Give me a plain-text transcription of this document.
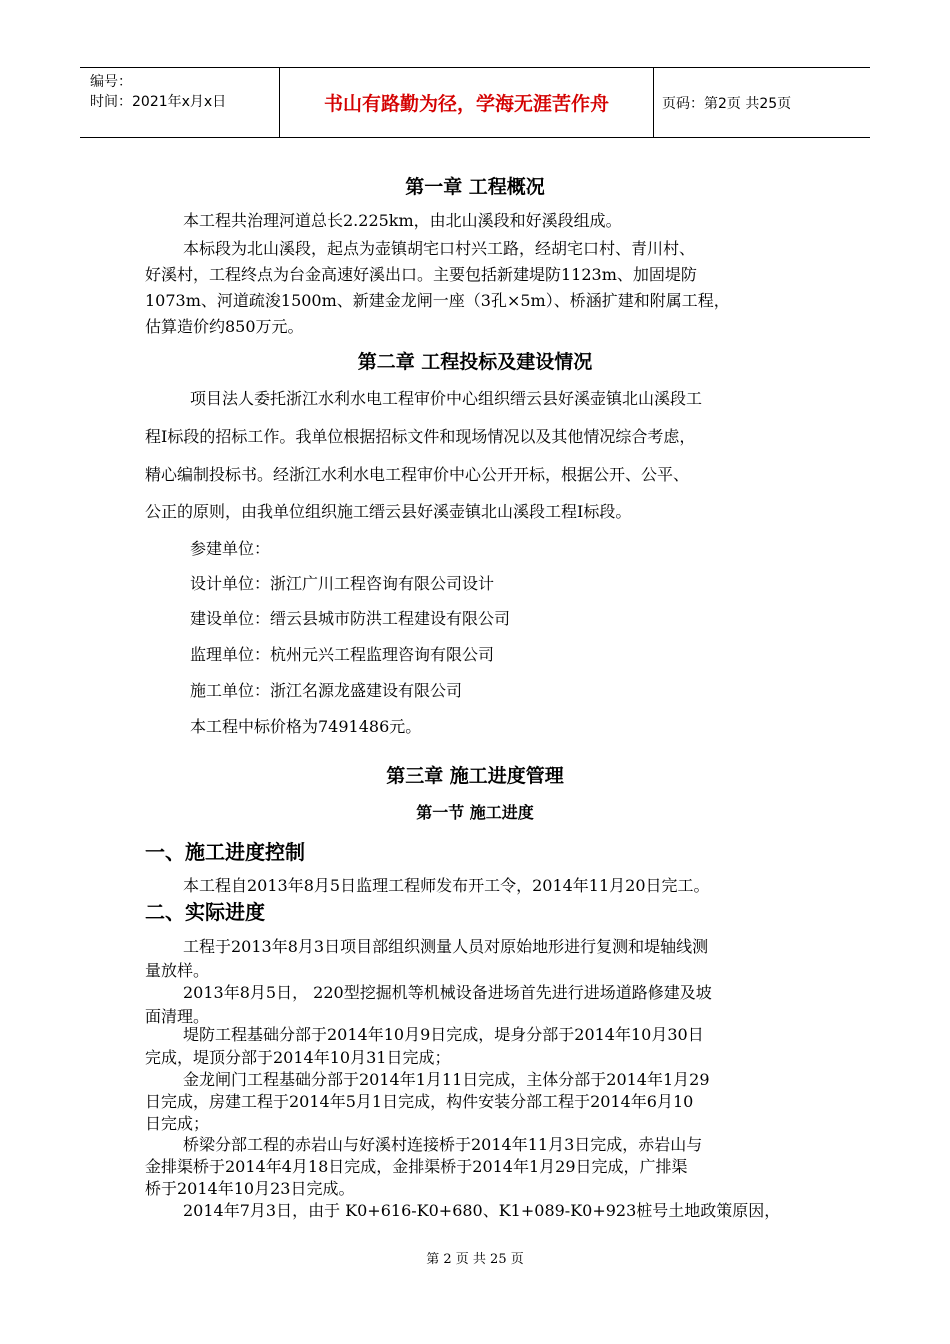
编号：
时间：2021年x月x日	书山有路勤为径，学海无涯苦作舟	页码：第2页 共25页
第一章 工程概况
本工程共治理河道总长2.225km，由北山溪段和好溪段组成。
本标段为北山溪段，起点为壶镇胡宅口村兴工路，经胡宅口村、青川村、
好溪村，工程终点为台金高速好溪出口。主要包括新建堤防1123m、加固堤防
1073m、河道疏浚1500m、新建金龙闸一座（3孔×5m）、桥涵扩建和附属工程，
估算造价约850万元。
第二章 工程投标及建设情况
项目法人委托浙江水利水电工程审价中心组织缙云县好溪壶镇北山溪段工
程Ⅰ标段的招标工作。我单位根据招标文件和现场情况以及其他情况综合考虑，
精心编制投标书。经浙江水利水电工程审价中心公开开标，根据公开、公平、
公正的原则，由我单位组织施工缙云县好溪壶镇北山溪段工程Ⅰ标段。
参建单位：
设计单位：浙江广川工程咨询有限公司设计
建设单位：缙云县城市防洪工程建设有限公司
监理单位：杭州元兴工程监理咨询有限公司
施工单位：浙江名源龙盛建设有限公司
本工程中标价格为7491486元。
第三章 施工进度管理
第一节 施工进度
一、施工进度控制
本工程自2013年8月5日监理工程师发布开工令，2014年11月20日完工。
二、实际进度
工程于2013年8月3日项目部组织测量人员对原始地形进行复测和堤轴线测
量放样。
2013年8月5日， 220型挖掘机等机械设备进场首先进行进场道路修建及坡
面清理。
堤防工程基础分部于2014年10月9日完成，堤身分部于2014年10月30日
完成，堤顶分部于2014年10月31日完成；
金龙闸门工程基础分部于2014年1月11日完成，主体分部于2014年1月29
日完成，房建工程于2014年5月1日完成，构件安装分部工程于2014年6月10
日完成；
桥梁分部工程的赤岩山与好溪村连接桥于2014年11月3日完成，赤岩山与
金排渠桥于2014年4月18日完成，金排渠桥于2014年1月29日完成，广排渠
桥于2014年10月23日完成。
2014年7月3日，由于 K0+616-K0+680、K1+089-K0+923桩号土地政策原因，
第 2 页 共 25 页
